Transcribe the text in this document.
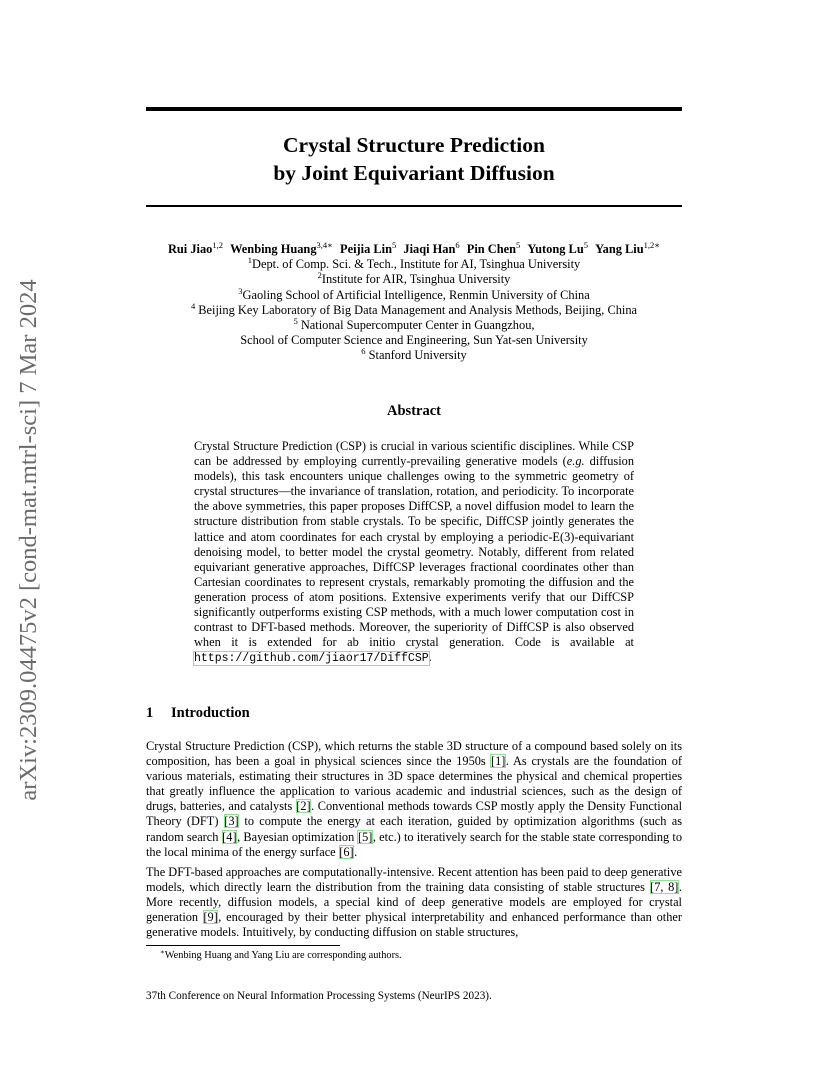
arXiv:2309.04475v2 [cond-mat.mtrl-sci] 7 Mar 2024
Crystal Structure Prediction
by Joint Equivariant Diffusion
Rui Jiao$^{1,2}$ Wenbing Huang$^{3,4∗}$ Peijia Lin$^5$ Jiaqi Han$^6$ Pin Chen$^5$ Yutong Lu$^5$ Yang Liu$^{1,2∗}$
$^1$Dept. of Comp. Sci. & Tech., Institute for AI, Tsinghua University
$^2$Institute for AIR, Tsinghua University
$^3$Gaoling School of Artificial Intelligence, Renmin University of China
$^4$ Beijing Key Laboratory of Big Data Management and Analysis Methods, Beijing, China
$^5$ National Supercomputer Center in Guangzhou,
School of Computer Science and Engineering, Sun Yat-sen University
$^6$ Stanford University
Abstract
Crystal Structure Prediction (CSP) is crucial in various scientific disciplines. While CSP can be addressed by employing currently-prevailing generative models (e.g. diffusion models), this task encounters unique challenges owing to the symmetric geometry of crystal structures—the invariance of translation, rotation, and periodicity. To incorporate the above symmetries, this paper proposes DiffCSP, a novel diffusion model to learn the structure distribution from stable crystals. To be specific, DiffCSP jointly generates the lattice and atom coordinates for each crystal by employing a periodic-E(3)-equivariant denoising model, to better model the crystal geometry. Notably, different from related equivariant generative approaches, DiffCSP leverages fractional coordinates other than Cartesian coordinates to represent crystals, remarkably promoting the diffusion and the generation process of atom positions. Extensive experiments verify that our DiffCSP significantly outperforms existing CSP methods, with a much lower computation cost in contrast to DFT-based methods. Moreover, the superiority of DiffCSP is also observed when it is extended for ab initio crystal generation. Code is available at https://github.com/jiaor17/DiffCSP.
1 Introduction
Crystal Structure Prediction (CSP), which returns the stable 3D structure of a compound based solely on its composition, has been a goal in physical sciences since the 1950s [1]. As crystals are the foundation of various materials, estimating their structures in 3D space determines the physical and chemical properties that greatly influence the application to various academic and industrial sciences, such as the design of drugs, batteries, and catalysts [2]. Conventional methods towards CSP mostly apply the Density Functional Theory (DFT) [3] to compute the energy at each iteration, guided by optimization algorithms (such as random search [4], Bayesian optimization [5], etc.) to iteratively search for the stable state corresponding to the local minima of the energy surface [6].
The DFT-based approaches are computationally-intensive. Recent attention has been paid to deep generative models, which directly learn the distribution from the training data consisting of stable structures [7, 8]. More recently, diffusion models, a special kind of deep generative models are employed for crystal generation [9], encouraged by their better physical interpretability and enhanced performance than other generative models. Intuitively, by conducting diffusion on stable structures,
∗Wenbing Huang and Yang Liu are corresponding authors.
37th Conference on Neural Information Processing Systems (NeurIPS 2023).
